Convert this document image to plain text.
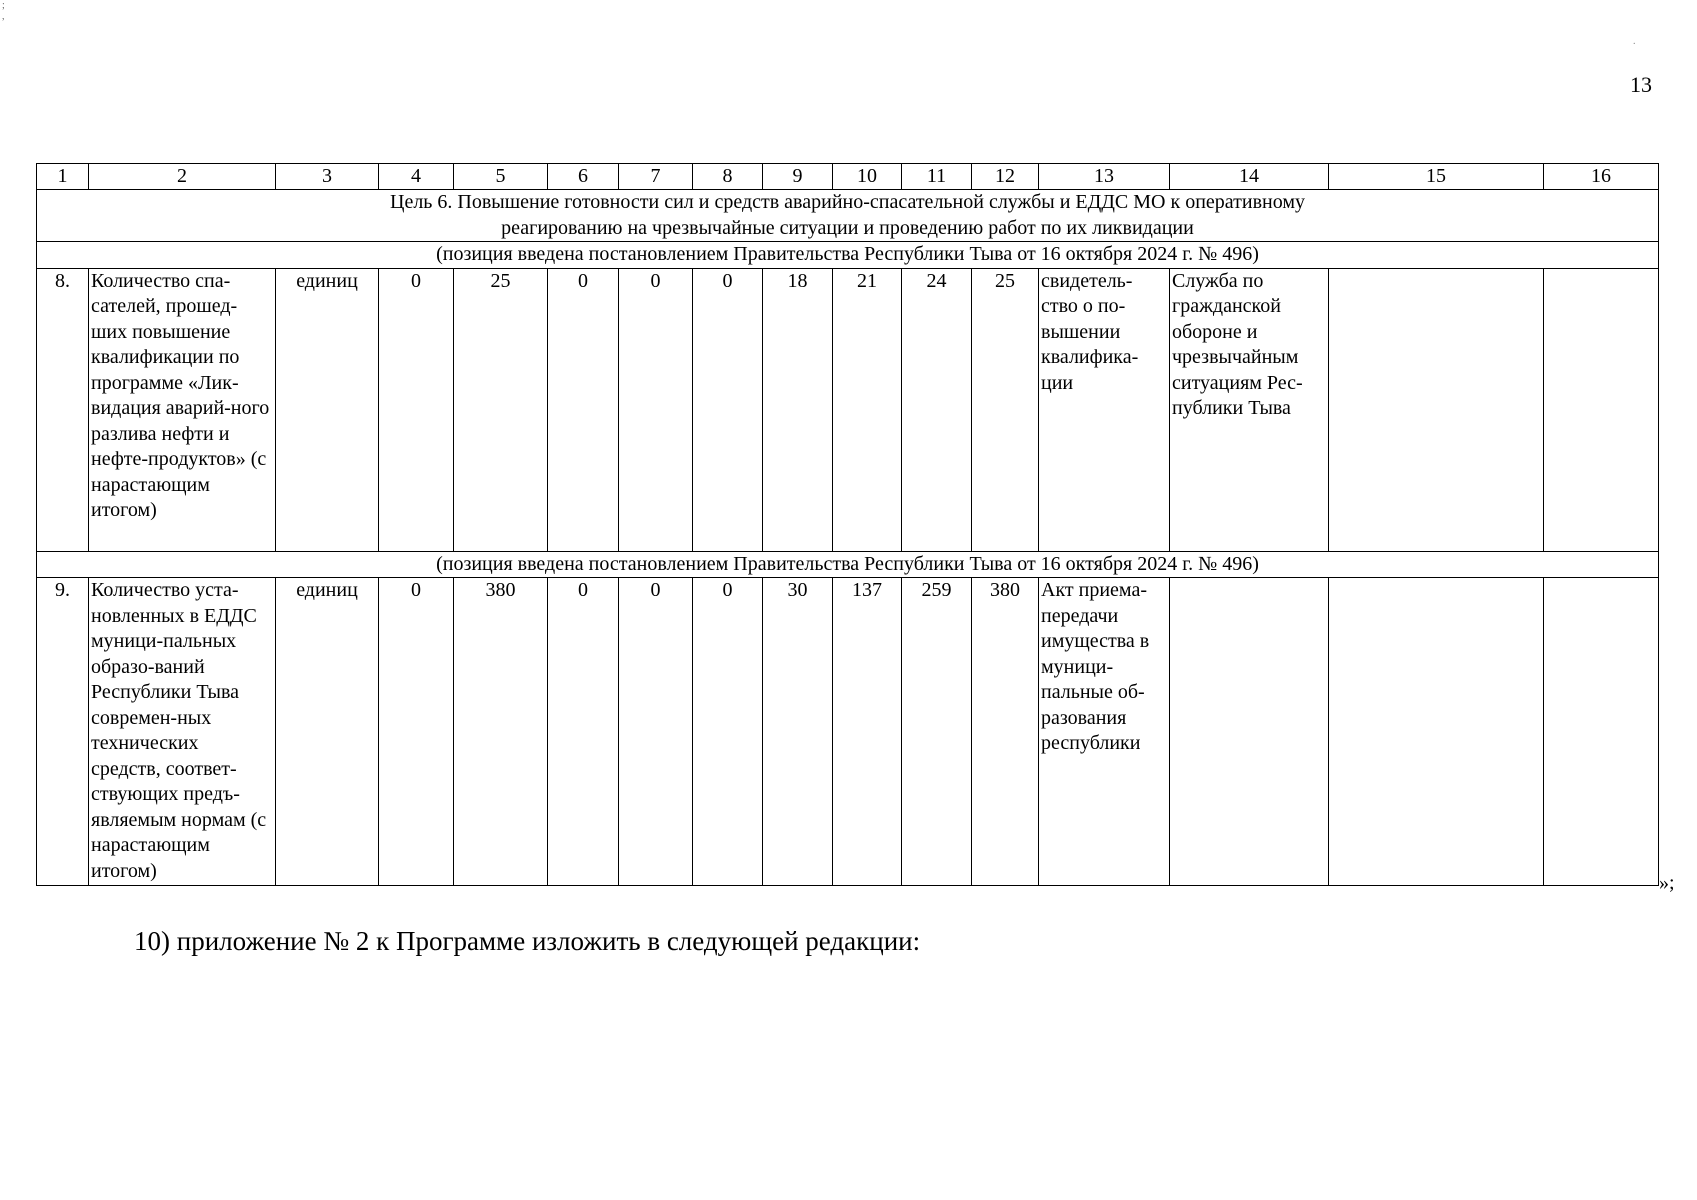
;
,
.
13
1	2	3	4	5	6	7	8	9	10	11	12	13	14	15	16

Цель 6. Повышение готовности сил и средств аварийно-спасательной службы и ЕДДС МО к оперативному
реагированию на чрезвычайные ситуации и проведению работ по их ликвидации															

(позиция введена постановлением Правительства Республики Тыва от 16 октября 2024 г. № 496)															
8.	Количество спа-сателей, прошед-ших повышение квалификации по программе «Лик-видация аварий-ного разлива нефти и нефте-продуктов» (с нарастающим итогом)	единиц	0	25	0	0	0	18	21	24	25	свидетель-ство о по-вышении квалифика-ции	Служба по гражданской обороне и чрезвычайным ситуациям Рес-публики Тыва		
(позиция введена постановлением Правительства Республики Тыва от 16 октября 2024 г. № 496)															
9.	Количество уста-новленных в ЕДДС муници-пальных образо-ваний Республики Тыва современ-ных технических средств, соответ-ствующих предъ-являемым нормам (с нарастающим итогом)	единиц	0	380	0	0	0	30	137	259	380	Акт приема-передачи имущества в муници-пальные об-разования республики			
»;
10) приложение № 2 к Программе изложить в следующей редакции:
